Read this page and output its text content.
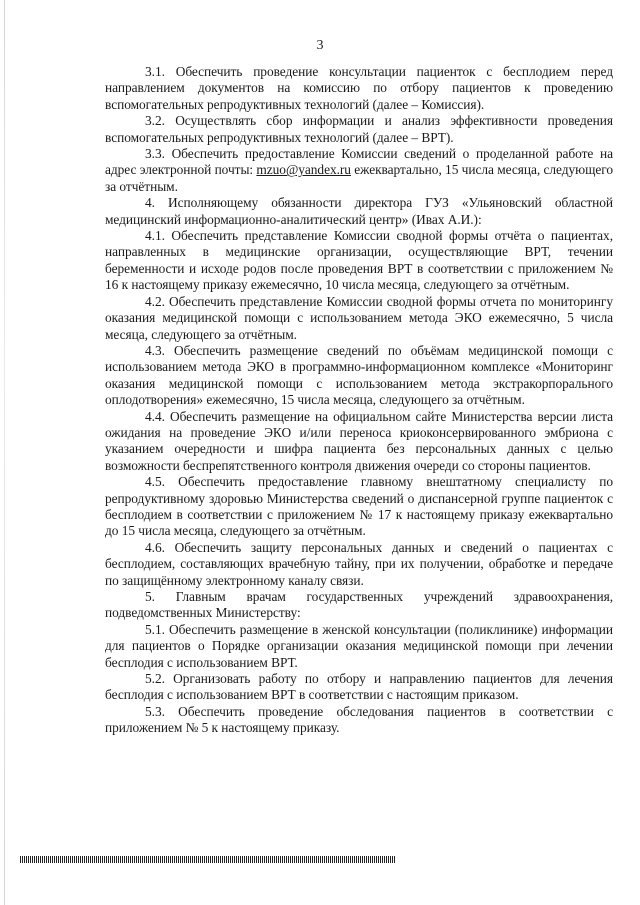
3

3.1. Обеспечить проведение консультации пациенток с бесплодием перед направлением документов на комиссию по отбору пациентов к проведению вспомогательных репродуктивных технологий (далее – Комиссия).

3.2. Осуществлять сбор информации и анализ эффективности проведения вспомогательных репродуктивных технологий (далее – ВРТ).

3.3. Обеспечить предоставление Комиссии сведений о проделанной работе на адрес электронной почты: mzuo@yandex.ru ежеквартально, 15 числа месяца, следующего за отчётным.

4. Исполняющему обязанности директора ГУЗ «Ульяновский областной медицинский информационно-аналитический центр» (Ивах А.И.):

4.1. Обеспечить представление Комиссии сводной формы отчёта о пациентах, направленных в медицинские организации, осуществляющие ВРТ, течении беременности и исходе родов после проведения ВРТ в соответствии с приложением № 16 к настоящему приказу ежемесячно, 10 числа месяца, следующего за отчётным.

4.2. Обеспечить представление Комиссии сводной формы отчета по мониторингу оказания медицинской помощи с использованием метода ЭКО ежемесячно, 5 числа месяца, следующего за отчётным.

4.3. Обеспечить размещение сведений по объёмам медицинской помощи с использованием метода ЭКО в программно-информационном комплексе «Мониторинг оказания медицинской помощи с использованием метода экстракорпорального оплодотворения» ежемесячно, 15 числа месяца, следующего за отчётным.

4.4. Обеспечить размещение на официальном сайте Министерства версии листа ожидания на проведение ЭКО и/или переноса криоконсервированного эмбриона с указанием очередности и шифра пациента без персональных данных с целью возможности беспрепятственного контроля движения очереди со стороны пациентов.

4.5. Обеспечить предоставление главному внештатному специалисту по репродуктивному здоровью Министерства сведений о диспансерной группе пациенток с бесплодием в соответствии с приложением № 17 к настоящему приказу ежеквартально до 15 числа месяца, следующего за отчётным.

4.6. Обеспечить защиту персональных данных и сведений о пациентах с бесплодием, составляющих врачебную тайну, при их получении, обработке и передаче по защищённому электронному каналу связи.

5. Главным врачам государственных учреждений здравоохранения, подведомственных Министерству:

5.1. Обеспечить размещение в женской консультации (поликлинике) информации для пациентов о Порядке организации оказания медицинской помощи при лечении бесплодия с использованием ВРТ.

5.2. Организовать работу по отбору и направлению пациентов для лечения бесплодия с использованием ВРТ в соответствии с настоящим приказом.

5.3. Обеспечить проведение обследования пациентов в соответствии с приложением № 5 к настоящему приказу.
